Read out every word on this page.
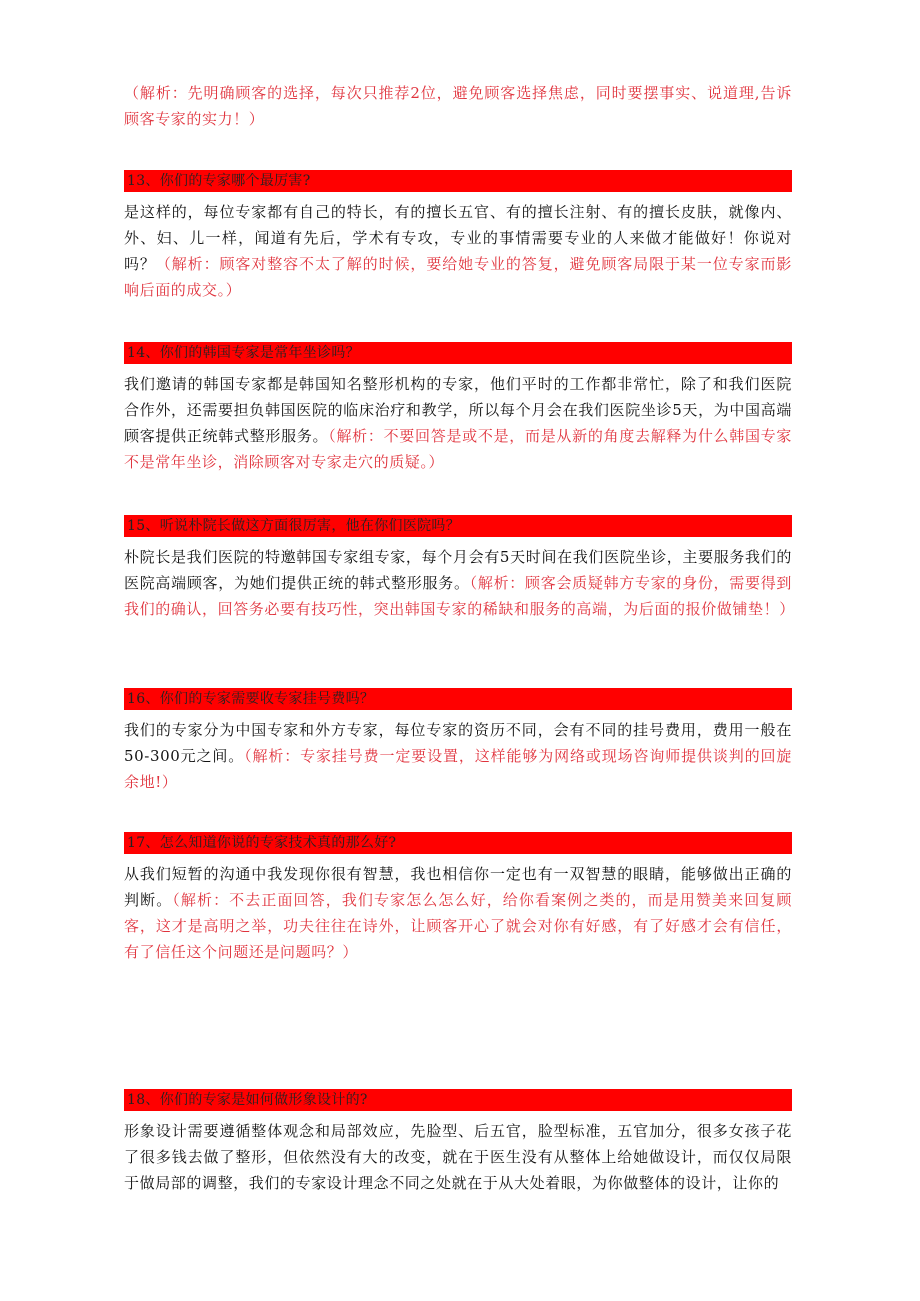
（解析：先明确顾客的选择，每次只推荐2位，避免顾客选择焦虑，同时要摆事实、说道理,告诉顾客专家的实力！）

13、你们的专家哪个最厉害?

是这样的，每位专家都有自己的特长，有的擅长五官、有的擅长注射、有的擅长皮肤，就像内、外、妇、儿一样，闻道有先后，学术有专攻，专业的事情需要专业的人来做才能做好！你说对吗？（解析：顾客对整容不太了解的时候，要给她专业的答复，避免顾客局限于某一位专家而影响后面的成交。）

14、你们的韩国专家是常年坐诊吗？

我们邀请的韩国专家都是韩国知名整形机构的专家，他们平时的工作都非常忙，除了和我们医院合作外，还需要担负韩国医院的临床治疗和教学，所以每个月会在我们医院坐诊5天，为中国高端顾客提供正统韩式整形服务。（解析：不要回答是或不是，而是从新的角度去解释为什么韩国专家不是常年坐诊，消除顾客对专家走穴的质疑。）

15、听说朴院长做这方面很厉害，他在你们医院吗？

朴院长是我们医院的特邀韩国专家组专家，每个月会有5天时间在我们医院坐诊，主要服务我们的医院高端顾客，为她们提供正统的韩式整形服务。（解析：顾客会质疑韩方专家的身份，需要得到我们的确认，回答务必要有技巧性，突出韩国专家的稀缺和服务的高端，为后面的报价做铺垫！）

16、你们的专家需要收专家挂号费吗？

我们的专家分为中国专家和外方专家，每位专家的资历不同，会有不同的挂号费用，费用一般在50-300元之间。（解析：专家挂号费一定要设置，这样能够为网络或现场咨询师提供谈判的回旋余地!）

17、怎么知道你说的专家技术真的那么好?

从我们短暂的沟通中我发现你很有智慧，我也相信你一定也有一双智慧的眼睛，能够做出正确的判断。（解析：不去正面回答，我们专家怎么怎么好，给你看案例之类的，而是用赞美来回复顾客，这才是高明之举，功夫往往在诗外，让顾客开心了就会对你有好感，有了好感才会有信任，有了信任这个问题还是问题吗？）

18、你们的专家是如何做形象设计的?

形象设计需要遵循整体观念和局部效应，先脸型、后五官，脸型标准，五官加分，很多女孩子花了很多钱去做了整形，但依然没有大的改变，就在于医生没有从整体上给她做设计，而仅仅局限于做局部的调整，我们的专家设计理念不同之处就在于从大处着眼，为你做整体的设计，让你的
